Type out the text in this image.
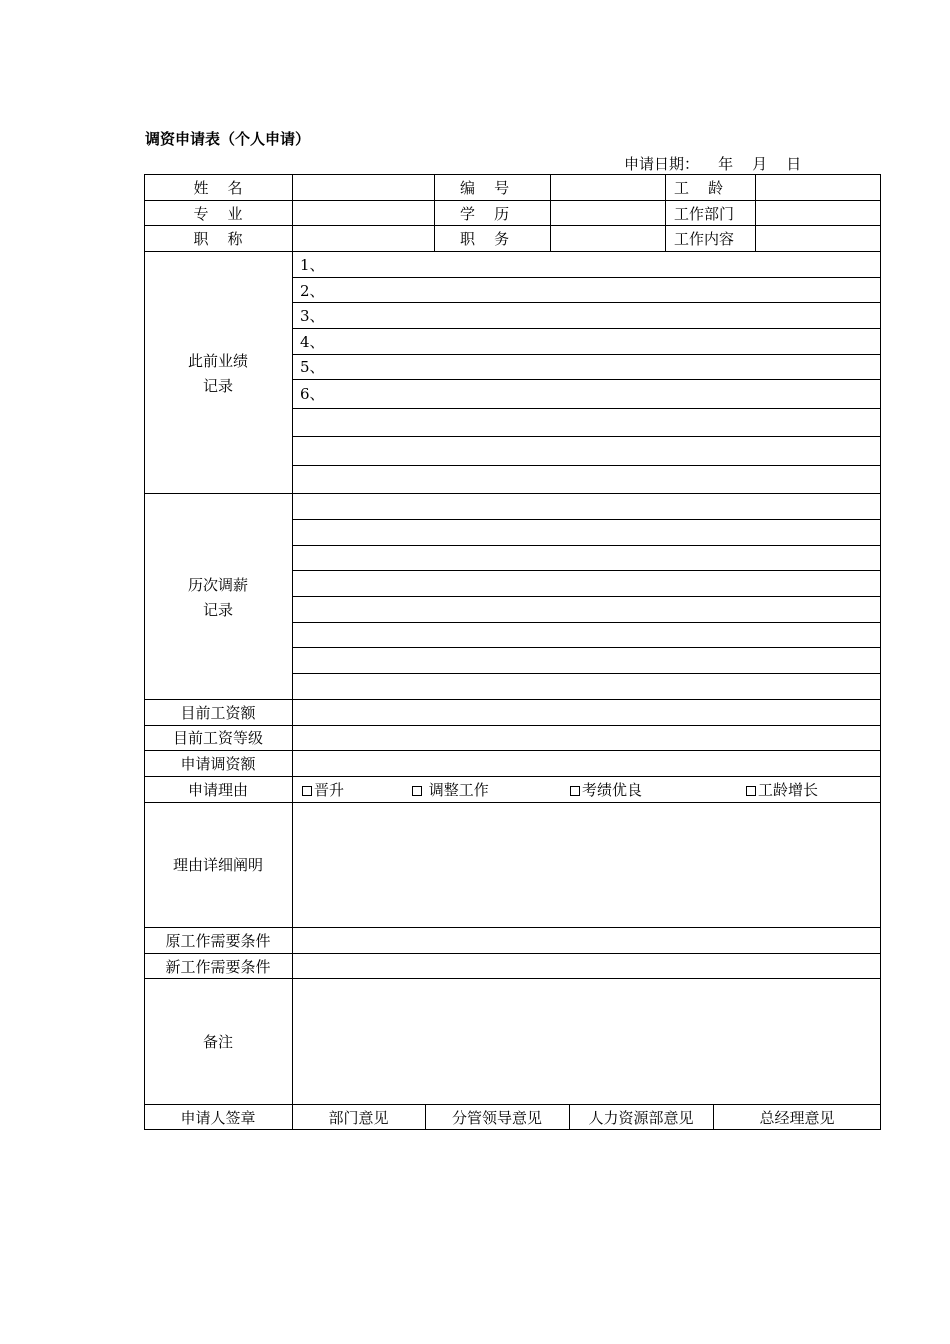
调资申请表（个人申请）
申请日期：    年    月    日
姓    名	编    号	工    龄
专    业	学    历	工作部门
职    称	职    务	工作内容
此前业绩
记录
1、
2、
3、
4、
5、
6、
历次调薪
记录
目前工资额
目前工资等级
申请调资额
申请理由	晋升	调整工作	考绩优良	工龄增长
理由详细阐明
原工作需要条件
新工作需要条件
备注
申请人签章	部门意见	分管领导意见	人力资源部意见	总经理意见
